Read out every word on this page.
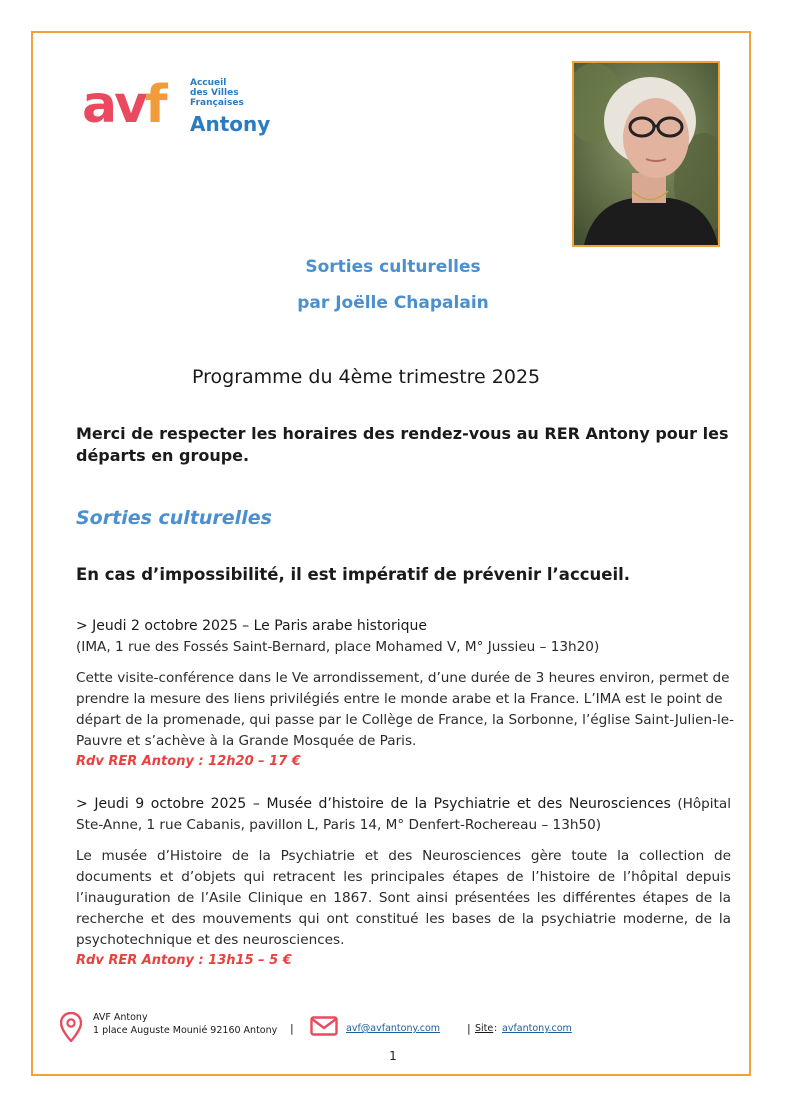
avf	Accueil
des Villes
Françaises
Antony
Sorties culturelles
par Joëlle Chapalain
Programme du 4ème trimestre 2025
Merci de respecter les horaires des rendez-vous au RER Antony pour les départs en groupe.
Sorties culturelles
En cas d’impossibilité, il est impératif de prévenir l’accueil.
> Jeudi 2 octobre 2025 – Le Paris arabe historique
(IMA, 1 rue des Fossés Saint-Bernard, place Mohamed V, M° Jussieu – 13h20)
Cette visite-conférence dans le Ve arrondissement, d’une durée de 3 heures environ, permet de prendre la mesure des liens privilégiés entre le monde arabe et la France. L’IMA est le point de départ de la promenade, qui passe par le Collège de France, la Sorbonne, l’église Saint-Julien-le-Pauvre et s’achève à la Grande Mosquée de Paris.
Rdv RER Antony : 12h20 – 17 €
> Jeudi 9 octobre 2025 – Musée d’histoire de la Psychiatrie et des Neurosciences (Hôpital Ste-Anne, 1 rue Cabanis, pavillon L, Paris 14, M° Denfert-Rochereau – 13h50)
Le musée d’Histoire de la Psychiatrie et des Neurosciences gère toute la collection de documents et d’objets qui retracent les principales étapes de l’histoire de l’hôpital depuis l’inauguration de l’Asile Clinique en 1867. Sont ainsi présentées les différentes étapes de la recherche et des mouvements qui ont constitué les bases de la psychiatrie moderne, de la psychotechnique et des neurosciences.
Rdv RER Antony : 13h15 – 5 €
AVF Antony
1 place Auguste Mounié 92160 Antony |	avf@avfantony.com | Site : avfantony.com
1
